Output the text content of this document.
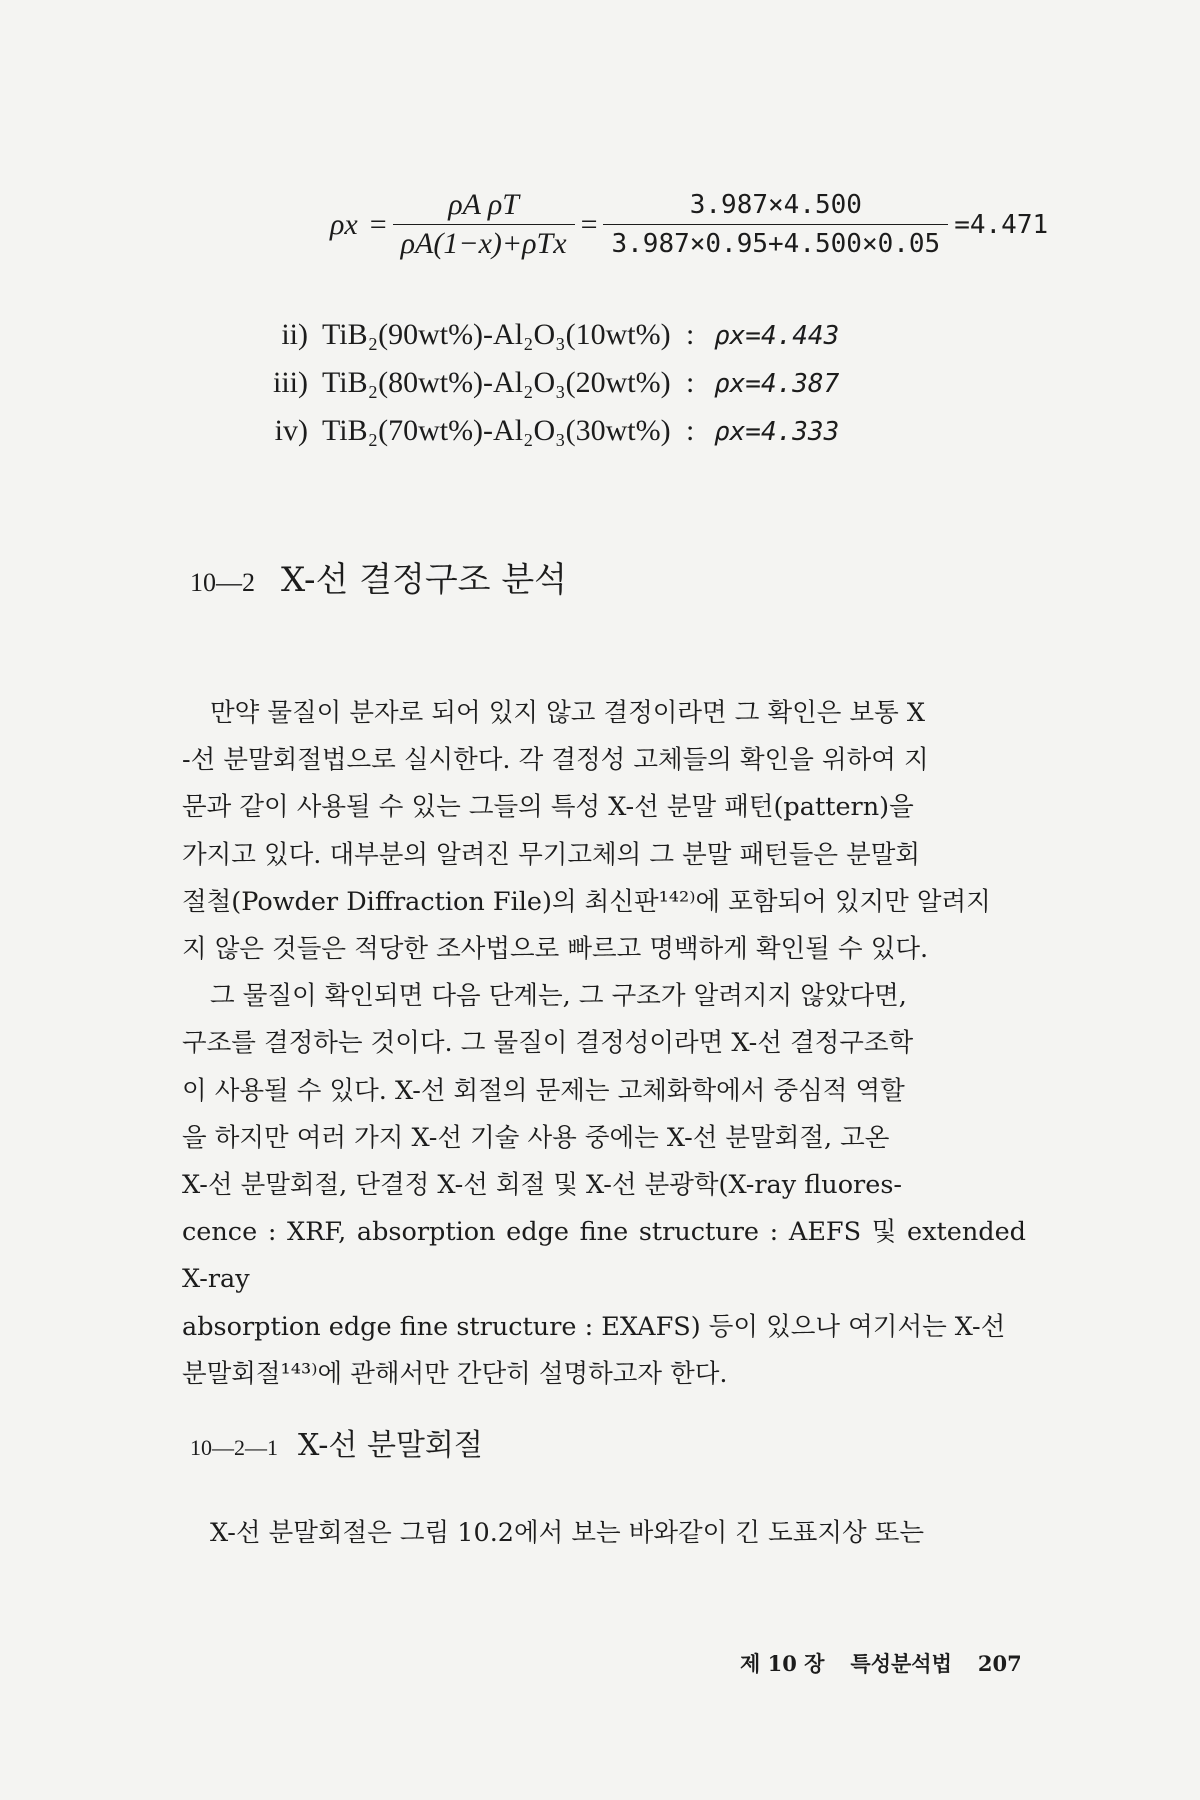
$\rho x = \frac{\text{ρA ρT}}{\text{ρA(1−x)+ρTx}} = \frac{3.987\times 4.500}{3.987\times 0.95+4.500\times 0.05} =4.471$
ii) TiB₂(90wt%)-Al₂O₃(10wt%) : ρx=4.443
iii) TiB₂(80wt%)-Al₂O₃(20wt%) : ρx=4.387
iv) TiB₂(70wt%)-Al₂O₃(30wt%) : ρx=4.333
10—2 X-선 결정구조 분석

만약 물질이 분자로 되어 있지 않고 결정이라면 그 확인은 보통 X

-선 분말회절법으로 실시한다. 각 결정성 고체들의 확인을 위하여 지

문과 같이 사용될 수 있는 그들의 특성 X-선 분말 패턴(pattern)을

가지고 있다. 대부분의 알려진 무기고체의 그 분말 패턴들은 분말회

절철(Powder Diffraction File)의 최신판¹⁴²⁾에 포함되어 있지만 알려지

지 않은 것들은 적당한 조사법으로 빠르고 명백하게 확인될 수 있다.

그 물질이 확인되면 다음 단계는, 그 구조가 알려지지 않았다면,

구조를 결정하는 것이다. 그 물질이 결정성이라면 X-선 결정구조학

이 사용될 수 있다. X-선 회절의 문제는 고체화학에서 중심적 역할

을 하지만 여러 가지 X-선 기술 사용 중에는 X-선 분말회절, 고온

X-선 분말회절, 단결정 X-선 회절 및 X-선 분광학(X-ray fluores-

cence : XRF, absorption edge fine structure : AEFS 및 extended X-ray

absorption edge fine structure : EXAFS) 등이 있으나 여기서는 X-선

분말회절¹⁴³⁾에 관해서만 간단히 설명하고자 한다.

10—2—1 X-선 분말회절

X-선 분말회절은 그림 10.2에서 보는 바와같이 긴 도표지상 또는

제 10 장 특성분석법 207
